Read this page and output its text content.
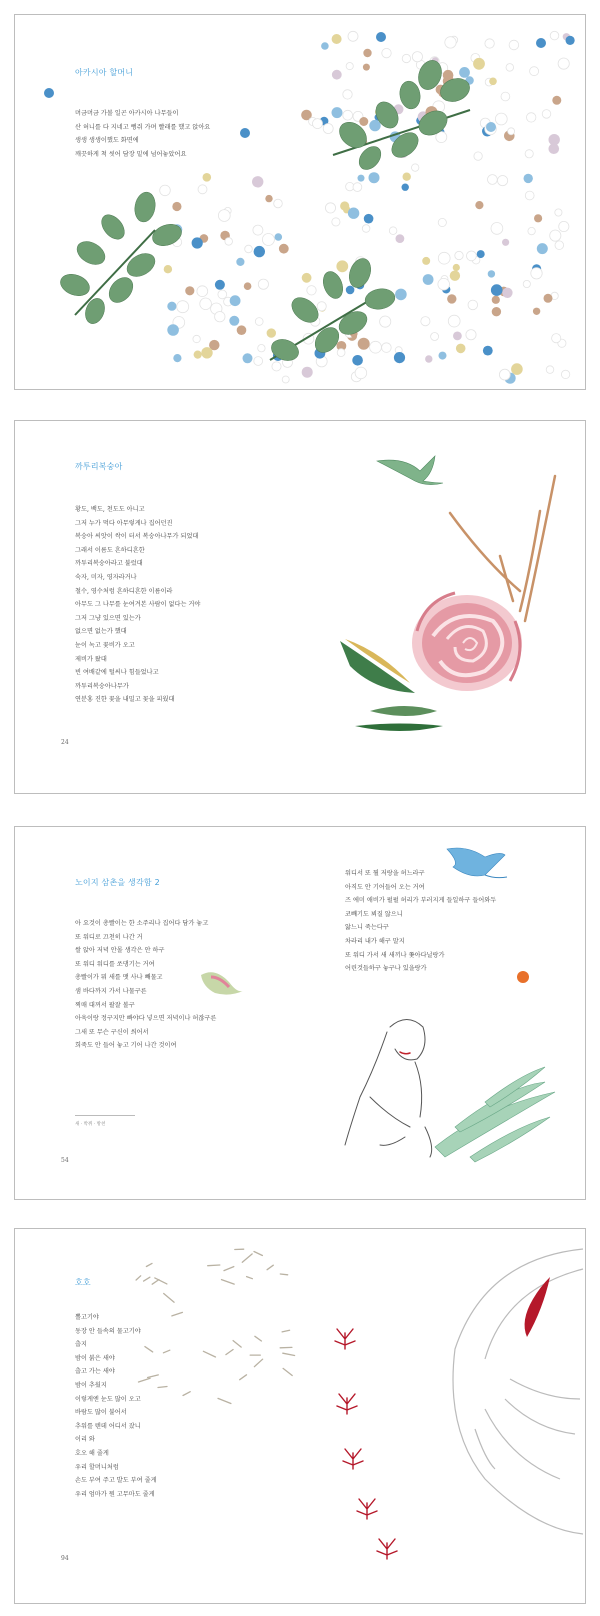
아카시아 할머니
머금머금 가볼 일곤 아카시아 나무들이
산 허니를 다 지네고 뻥쥐 가며 빨래를 했고 앉아요
생생 생생이했도 화면에
깨끗하게 척 씻어 담장 밑에 넘어놓았어요
까투리복숭아
황도, 백도, 천도도 아니고
그저 누가 먹다 아무렇게나 집어던진
복숭아 씨앗이 싹이 터서 복숭아나무가 되었대
그래서 이름도 흔하디흔한
까투리복숭아라고 불렀대
숙자, 미자, 영자라거나
철수, 영수처럼 흔하디흔한 이름이라
아무도 그 나무를 눈여겨본 사람이 없다는 거야
그저 그냥 있으면 있는가
없으면 없는가 했대
눈이 녹고 꽃비가 오고
제비가 왔대
빈 여배같에 털씨나 힘들었나고
까투리복숭아나무가
연분홍 진한 꽃을 내밀고 꽃을 피웠대
24
노이지 삼촌을 생각함 2
아 요것이 총빨이는 한 소주리나 집어다 담가 놓고
또 워디로 끄천히 나간 거
쌀 앉아 저녁 안몰 생각은 안 하구
또 워디 워디를 쏘댕기는 거여
총빨이가 뭐 새를 맷 사나 빼물고
샘 바다까지 가서 나물구른
찍매 대꺼서 팔잘 볼구
아욱이랑 정구지만 빠야다 넣으면 저녁이나 허잖구른
그새 또 무슨 구신이 씌어서
희죽도 안 들어 놓고 기어 나간 것이여
워디서 또 뭘 저랑을 허느라구
아직도 안 기어들어 오는 거여
즈 에미 애비가 펄펄 허리가 부러지게 들일하구 들어와두
코빼기도 뵈질 않으니
앓느니 죽는다구
차라리 내가 해구 말지
또 워디 가서 새 새끼나 쫓아다닐랑가
어린것들하구 놓구나 있을랑가
새 · 박쥐 · 방천
54
호호
뽈고기야
동장 안 들속의 물고기야
춥지
밤이 붉은 새야
춥고 가는 새야
밤이 추웠지
이렇게엔 눈도 많이 오고
바람도 많이 불어서
추워를 텐데 어디서 잤니
이리 와
호오 해 줄게
우리 할머니처럼
손도 부여 주고 발도 부여 줄게
우리 엄마가 뭔 고무마도 줄게
94
